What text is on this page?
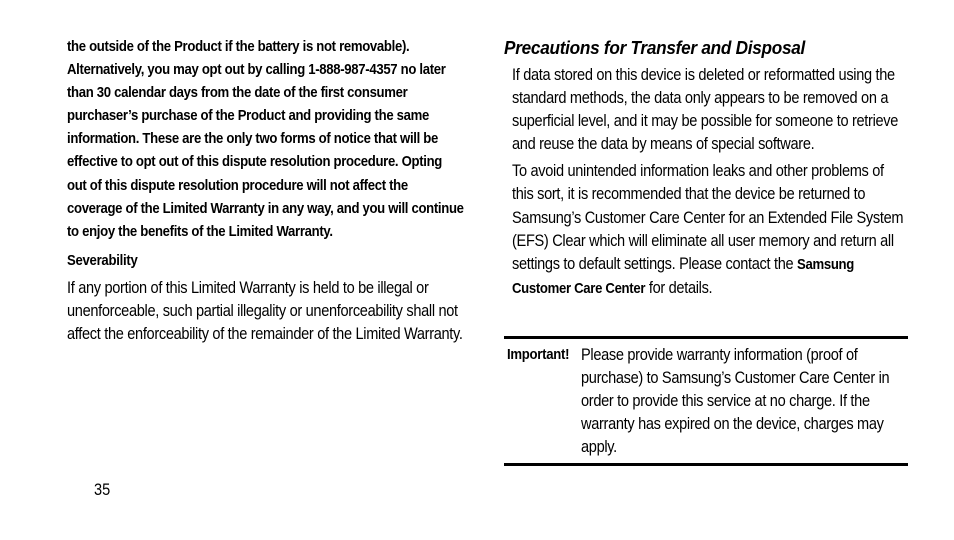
the outside of the Product if the battery is not removable). Alternatively, you may opt out by calling 1-888-987-4357 no later than 30 calendar days from the date of the first consumer purchaser’s purchase of the Product and providing the same information. These are the only two forms of notice that will be effective to opt out of this dispute resolution procedure. Opting out of this dispute resolution procedure will not affect the coverage of the Limited Warranty in any way, and you will continue to enjoy the benefits of the Limited Warranty.

Severability

If any portion of this Limited Warranty is held to be illegal or unenforceable, such partial illegality or unenforceability shall not affect the enforceability of the remainder of the Limited Warranty.

Precautions for Transfer and Disposal

If data stored on this device is deleted or reformatted using the standard methods, the data only appears to be removed on a superficial level, and it may be possible for someone to retrieve and reuse the data by means of special software.

To avoid unintended information leaks and other problems of this sort, it is recommended that the device be returned to Samsung’s Customer Care Center for an Extended File System (EFS) Clear which will eliminate all user memory and return all settings to default settings. Please contact the Samsung Customer Care Center for details.

Important! Please provide warranty information (proof of purchase) to Samsung’s Customer Care Center in order to provide this service at no charge. If the warranty has expired on the device, charges may apply.

35
